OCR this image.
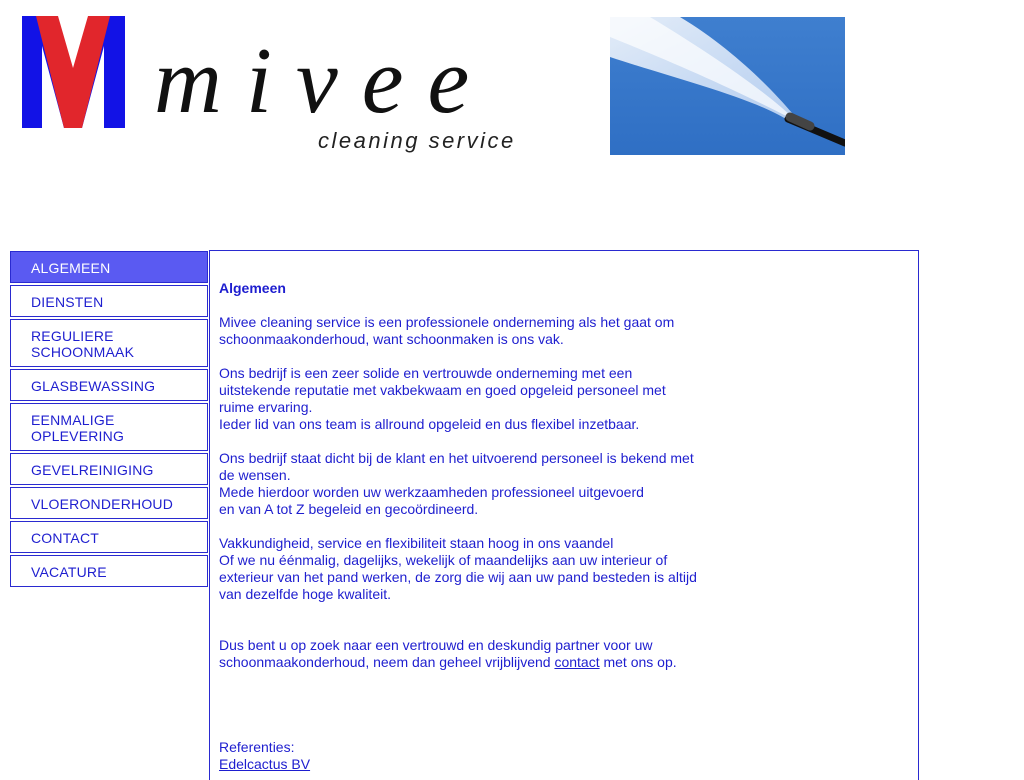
mivee
cleaning service
ALGEMEEN
DIENSTEN
REGULIERE SCHOONMAAK
GLASBEWASSING
EENMALIGE OPLEVERING
GEVELREINIGING
VLOERONDERHOUD
CONTACT
VACATURE
Algemeen

Mivee cleaning service is een professionele onderneming als het gaat om schoonmaakonderhoud, want schoonmaken is ons vak.

Ons bedrijf is een zeer solide en vertrouwde onderneming met een uitstekende reputatie met vakbekwaam en goed opgeleid personeel met ruime ervaring.
Ieder lid van ons team is allround opgeleid en dus flexibel inzetbaar.

Ons bedrijf staat dicht bij de klant en het uitvoerend personeel is bekend met de wensen.
Mede hierdoor worden uw werkzaamheden professioneel uitgevoerd
en van A tot Z begeleid en gecoördineerd.

Vakkundigheid, service en flexibiliteit staan hoog in ons vaandel
Of we nu éénmalig, dagelijks, wekelijk of maandelijks aan uw interieur of exterieur van het pand werken, de zorg die wij aan uw pand besteden is altijd van dezelfde hoge kwaliteit.

Dus bent u op zoek naar een vertrouwd en deskundig partner voor uw schoonmaakonderhoud, neem dan geheel vrijblijvend contact met ons op.

Referenties:
Edelcactus BV
